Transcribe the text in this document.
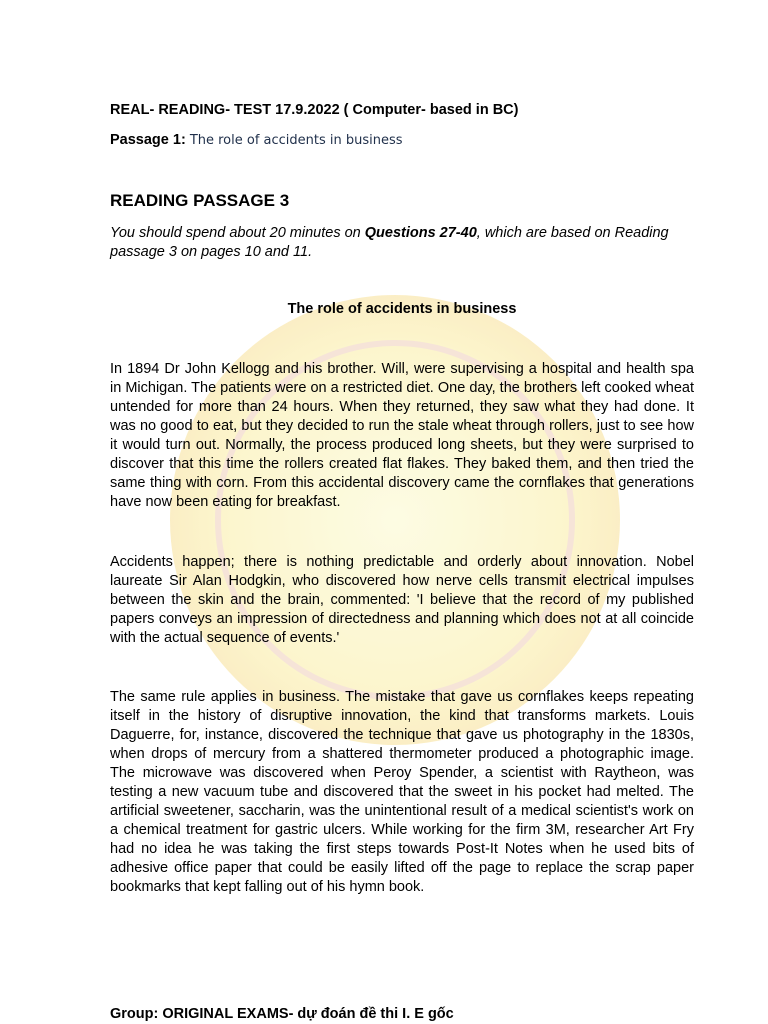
REAL- READING- TEST 17.9.2022 ( Computer- based in BC)
Passage 1: The role of accidents in business
READING PASSAGE 3
You should spend about 20 minutes on Questions 27-40, which are based on Reading passage 3 on pages 10 and 11.
The role of accidents in business
In 1894 Dr John Kellogg and his brother. Will, were supervising a hospital and health spa in Michigan. The patients were on a restricted diet. One day, the brothers left cooked wheat untended for more than 24 hours. When they returned, they saw what they had done. It was no good to eat, but they decided to run the stale wheat through rollers, just to see how it would turn out. Normally, the process produced long sheets, but they were surprised to discover that this time the rollers created flat flakes. They baked them, and then tried the same thing with corn. From this accidental discovery came the cornflakes that generations have now been eating for breakfast.
Accidents happen; there is nothing predictable and orderly about innovation. Nobel laureate Sir Alan Hodgkin, who discovered how nerve cells transmit electrical impulses between the skin and the brain, commented: 'I believe that the record of my published papers conveys an impression of directedness and planning which does not at all coincide with the actual sequence of events.'
The same rule applies in business. The mistake that gave us cornflakes keeps repeating itself in the history of disruptive innovation, the kind that transforms markets. Louis Daguerre, for, instance, discovered the technique that gave us photography in the 1830s, when drops of mercury from a shattered thermometer produced a photographic image. The microwave was discovered when Peroy Spender, a scientist with Raytheon, was testing a new vacuum tube and discovered that the sweet in his pocket had melted. The artificial sweetener, saccharin, was the unintentional result of a medical scientist's work on a chemical treatment for gastric ulcers. While working for the firm 3M, researcher Art Fry had no idea he was taking the first steps towards Post-It Notes when he used bits of adhesive office paper that could be easily lifted off the page to replace the scrap paper bookmarks that kept falling out of his hymn book.
Group: ORIGINAL EXAMS- dự đoán đề thi I. E gốc
